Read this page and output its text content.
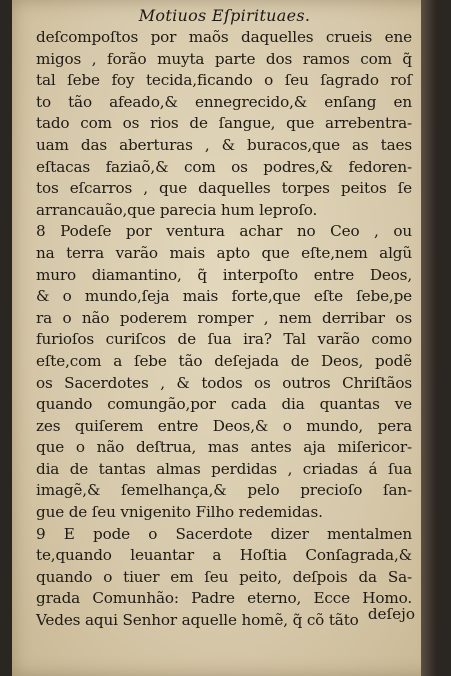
Motiuos Eſpirituaes.
deſcompoſtos por maõs daquelles crueis ene
migos , forão muyta parte dos ramos com q̃
tal ſebe foy tecida,ficando o ſeu ſagrado roſ
to tão afeado,& ennegrecido,& enſang en
tado com os rios de ſangue, que arrebentra-
uam das aberturas , & buracos,que as taes
eſtacas faziaõ,& com os podres,& fedoren-
tos eſcarros , que daquelles torpes peitos ſe
arrancauão,que parecia hum leproſo.
8 Podeſe por ventura achar no Ceo , ou
na terra varão mais apto que eſte,nem algũ
muro diamantino, q̃ interpoſto entre Deos,
& o mundo,ſeja mais forte,que eſte ſebe,pe
ra o não poderem romper , nem derribar os
furioſos curiſcos de ſua ira? Tal varão como
eſte,com a ſebe tão deſejada de Deos, podẽ
os Sacerdotes , & todos os outros Chriſtãos
quando comungão,por cada dia quantas ve
zes quiſerem entre Deos,& o mundo, pera
que o não deſtrua, mas antes aja miſericor-
dia de tantas almas perdidas , criadas á ſua
imagẽ,& ſemelhança,& pelo precioſo ſan-
gue de ſeu vnigenito Filho redemidas.
9 E pode o Sacerdote dizer mentalmen
te,quando leuantar a Hoſtia Conſagrada,&
quando o tiuer em ſeu peito, deſpois da Sa-
grada Comunhão: Padre eterno, Ecce Homo.
Vedes aqui Senhor aquelle homẽ, q̃ cõ tãto deſejo
